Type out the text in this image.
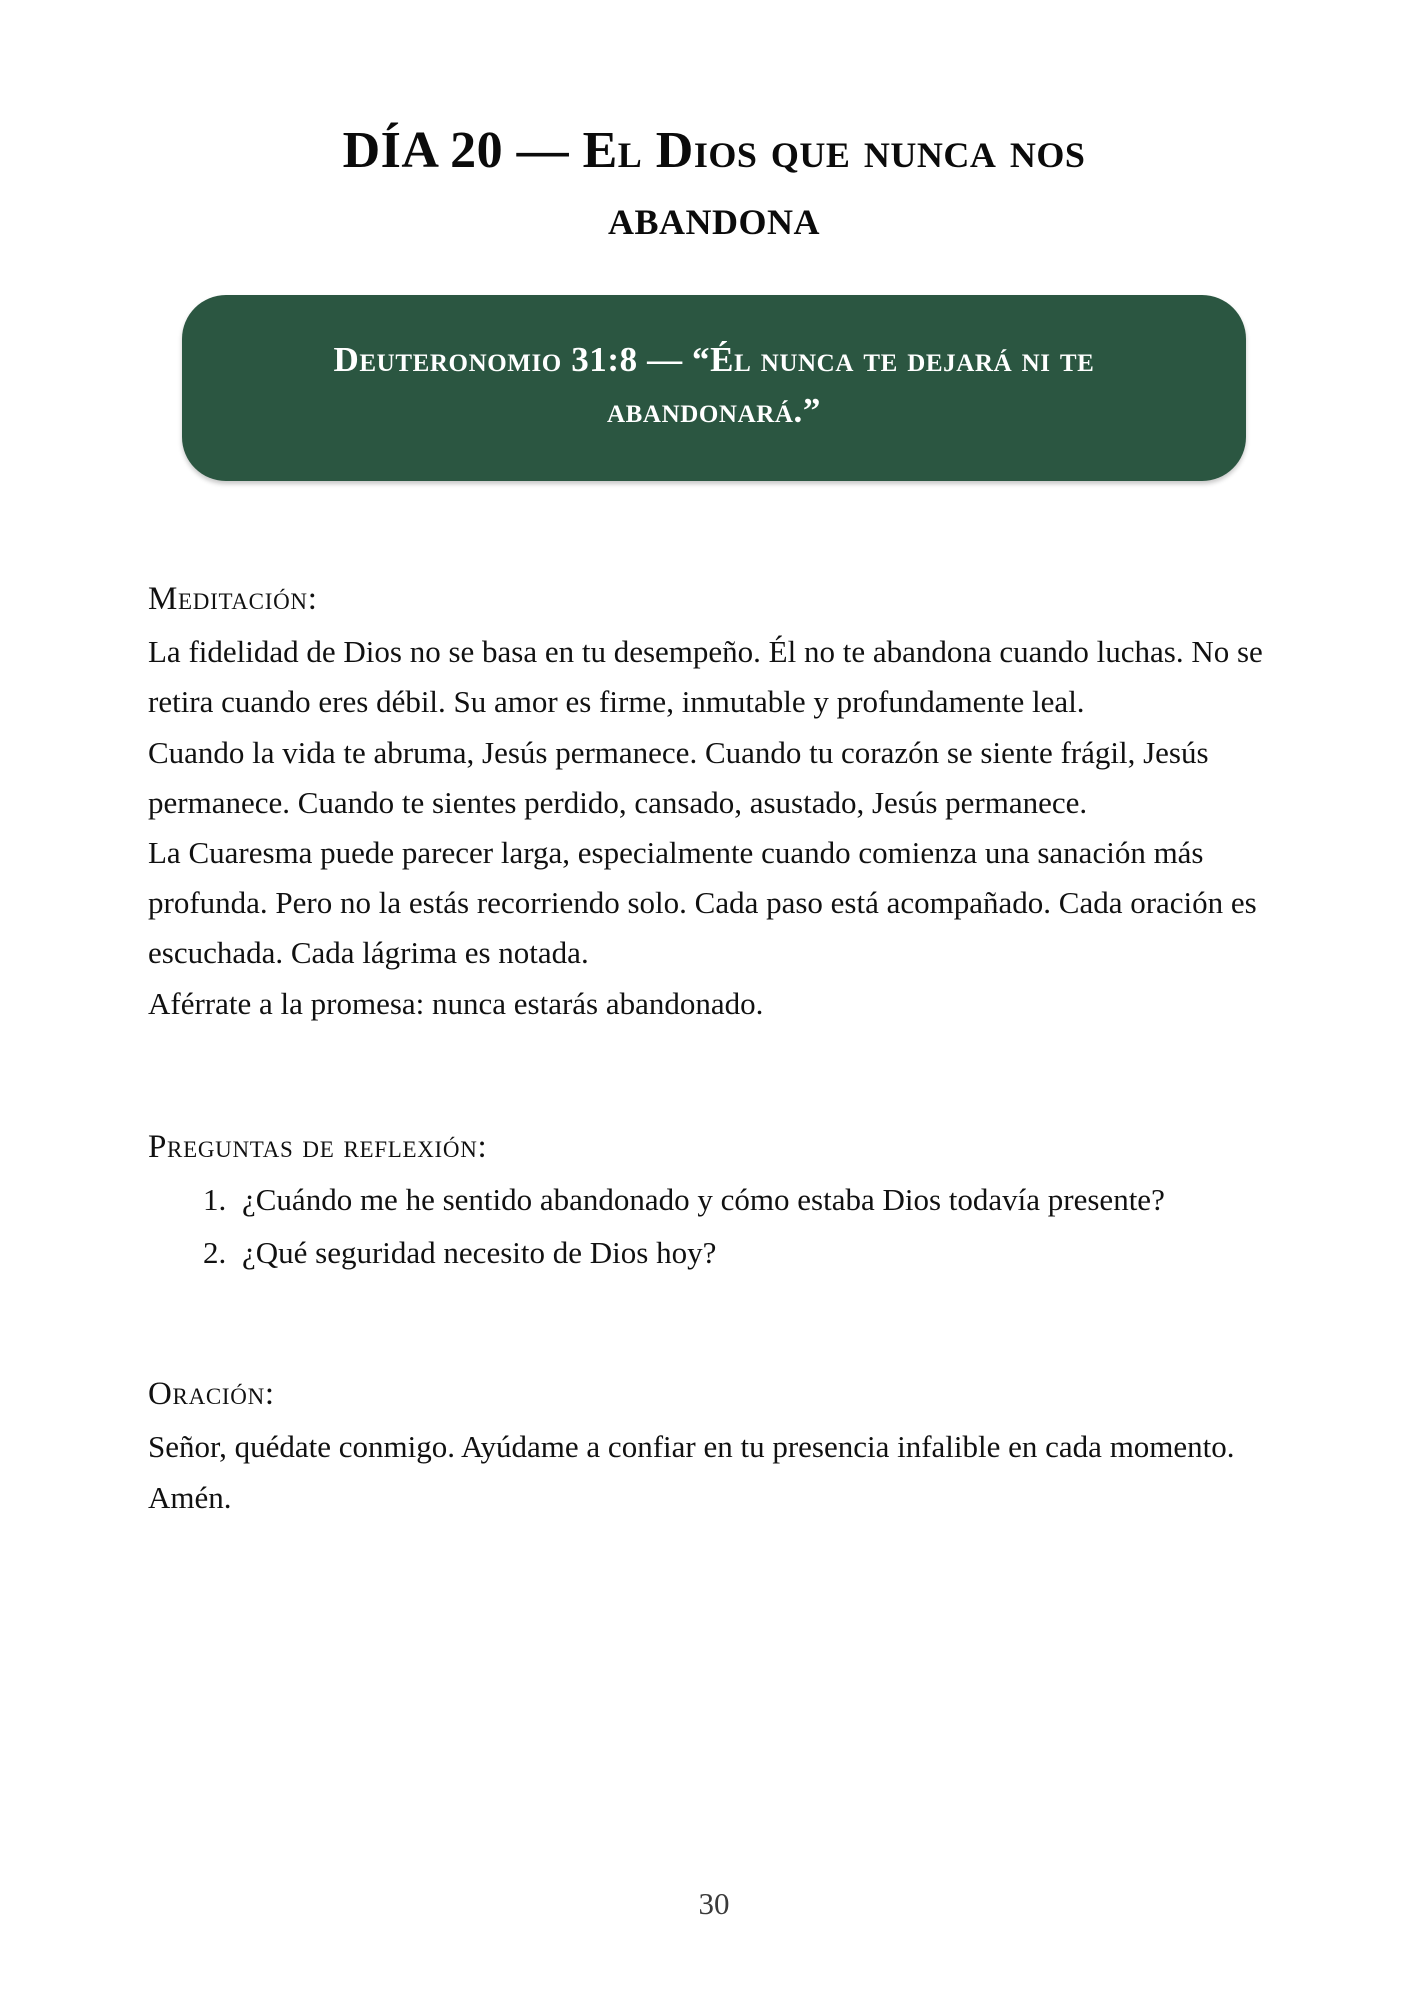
DÍA 20 — El Dios que nunca nos abandona

Deuteronomio 31:8 — “Él nunca te dejará ni te abandonará.”

Meditación:

La fidelidad de Dios no se basa en tu desempeño. Él no te abandona cuando luchas. No se retira cuando eres débil. Su amor es firme, inmutable y profundamente leal.

Cuando la vida te abruma, Jesús permanece. Cuando tu corazón se siente frágil, Jesús permanece. Cuando te sientes perdido, cansado, asustado, Jesús permanece.

La Cuaresma puede parecer larga, especialmente cuando comienza una sanación más profunda. Pero no la estás recorriendo solo. Cada paso está acompañado. Cada oración es escuchada. Cada lágrima es notada.

Aférrate a la promesa: nunca estarás abandonado.

Preguntas de reflexión:
1. ¿Cuándo me he sentido abandonado y cómo estaba Dios todavía presente?
2. ¿Qué seguridad necesito de Dios hoy?
Oración:

Señor, quédate conmigo. Ayúdame a confiar en tu presencia infalible en cada momento. Amén.

30
